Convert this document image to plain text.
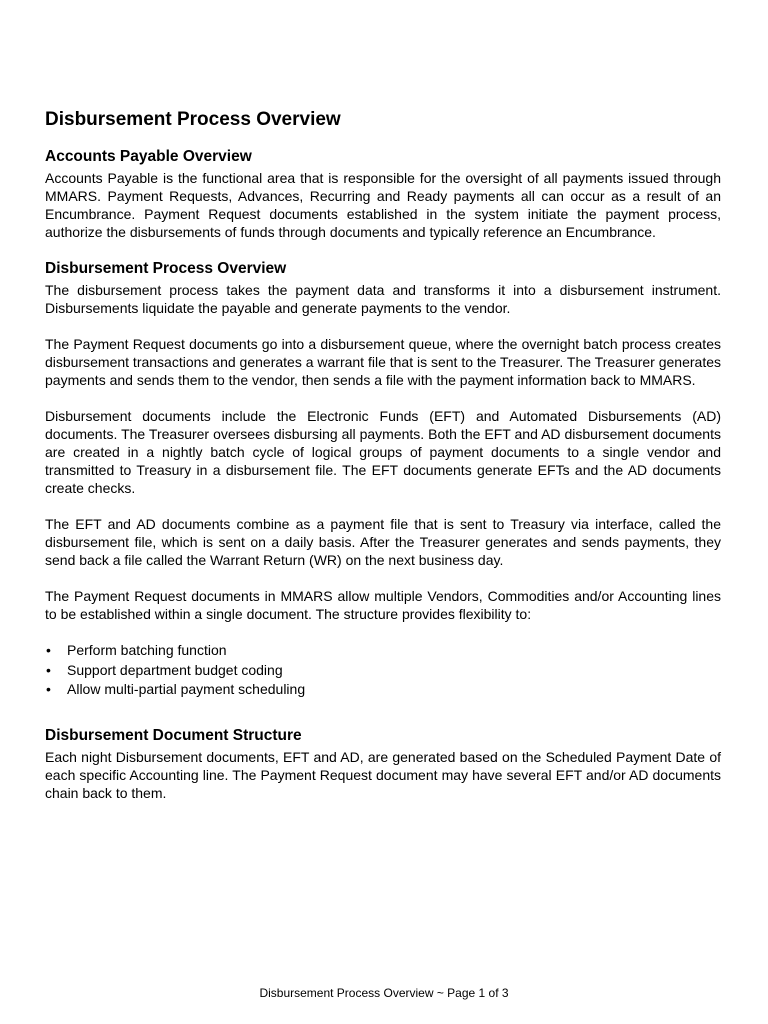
Disbursement Process Overview
Accounts Payable Overview

Accounts Payable is the functional area that is responsible for the oversight of all payments issued through MMARS. Payment Requests, Advances, Recurring and Ready payments all can occur as a result of an Encumbrance. Payment Request documents established in the system initiate the payment process, authorize the disbursements of funds through documents and typically reference an Encumbrance.

Disbursement Process Overview

The disbursement process takes the payment data and transforms it into a disbursement instrument. Disbursements liquidate the payable and generate payments to the vendor.

The Payment Request documents go into a disbursement queue, where the overnight batch process creates disbursement transactions and generates a warrant file that is sent to the Treasurer. The Treasurer generates payments and sends them to the vendor, then sends a file with the payment information back to MMARS.

Disbursement documents include the Electronic Funds (EFT) and Automated Disbursements (AD) documents. The Treasurer oversees disbursing all payments. Both the EFT and AD disbursement documents are created in a nightly batch cycle of logical groups of payment documents to a single vendor and transmitted to Treasury in a disbursement file. The EFT documents generate EFTs and the AD documents create checks.

The EFT and AD documents combine as a payment file that is sent to Treasury via interface, called the disbursement file, which is sent on a daily basis. After the Treasurer generates and sends payments, they send back a file called the Warrant Return (WR) on the next business day.

The Payment Request documents in MMARS allow multiple Vendors, Commodities and/or Accounting lines to be established within a single document. The structure provides flexibility to:

• Perform batching function
• Support department budget coding
• Allow multi-partial payment scheduling
Disbursement Document Structure

Each night Disbursement documents, EFT and AD, are generated based on the Scheduled Payment Date of each specific Accounting line. The Payment Request document may have several EFT and/or AD documents chain back to them.

Disbursement Process Overview ~ Page 1 of 3
